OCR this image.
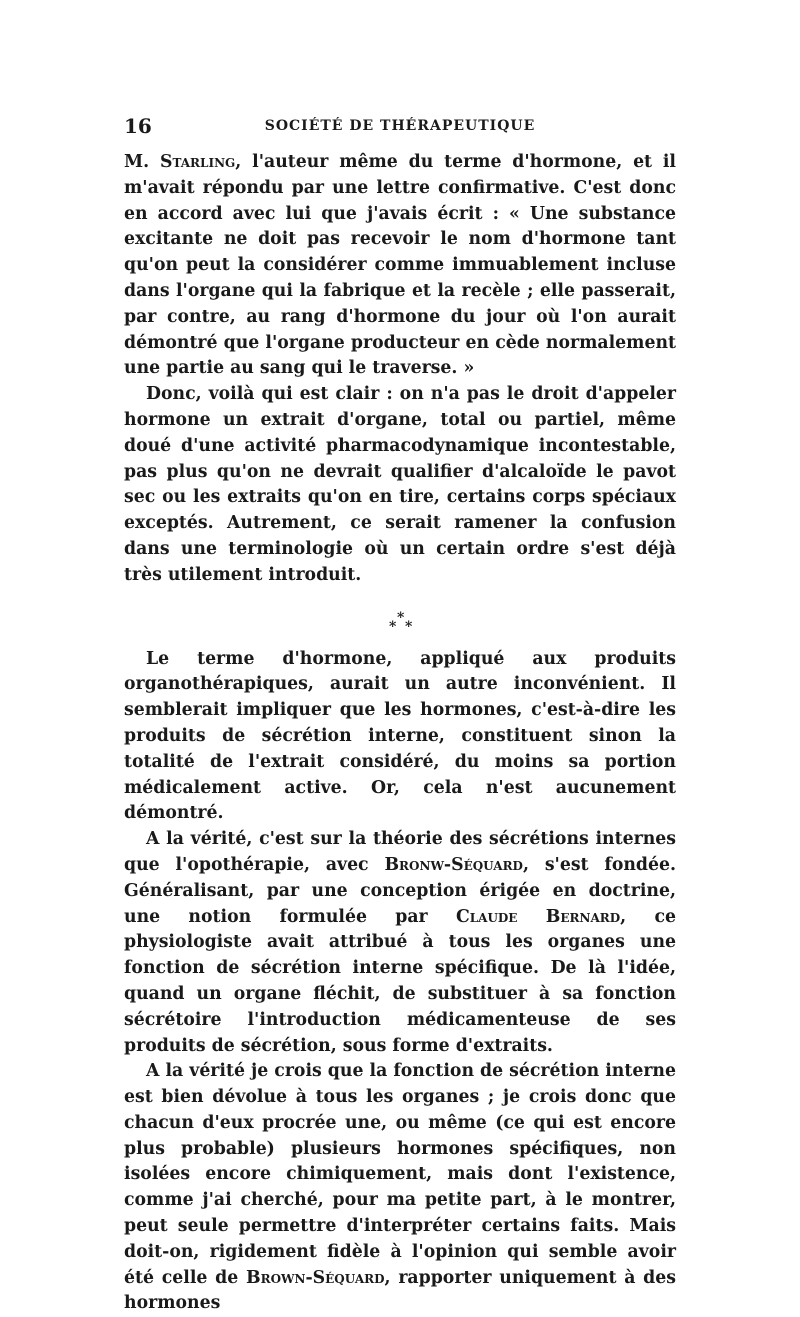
16	SOCIÉTÉ DE THÉRAPEUTIQUE

M. Starling, l'auteur même du terme d'hormone, et il m'avait répondu par une lettre confirmative. C'est donc en accord avec lui que j'avais écrit : « Une substance excitante ne doit pas recevoir le nom d'hormone tant qu'on peut la considérer comme immuablement incluse dans l'organe qui la fabrique et la recèle ; elle passerait, par contre, au rang d'hormone du jour où l'on aurait démontré que l'organe producteur en cède normalement une partie au sang qui le traverse. »

Donc, voilà qui est clair : on n'a pas le droit d'appeler hormone un extrait d'organe, total ou partiel, même doué d'une activité pharmacodynamique incontestable, pas plus qu'on ne devrait qualifier d'alcaloïde le pavot sec ou les extraits qu'on en tire, certains corps spéciaux exceptés. Autrement, ce serait ramener la confusion dans une terminologie où un certain ordre s'est déjà très utilement introduit.

*
* *

Le terme d'hormone, appliqué aux produits organothérapiques, aurait un autre inconvénient. Il semblerait impliquer que les hormones, c'est-à-dire les produits de sécrétion interne, constituent sinon la totalité de l'extrait considéré, du moins sa portion médicalement active. Or, cela n'est aucunement démontré.

A la vérité, c'est sur la théorie des sécrétions internes que l'opothérapie, avec Bronw-Séquard, s'est fondée. Généralisant, par une conception érigée en doctrine, une notion formulée par Claude Bernard, ce physiologiste avait attribué à tous les organes une fonction de sécrétion interne spécifique. De là l'idée, quand un organe fléchit, de substituer à sa fonction sécrétoire l'introduction médicamenteuse de ses produits de sécrétion, sous forme d'extraits.

A la vérité je crois que la fonction de sécrétion interne est bien dévolue à tous les organes ; je crois donc que chacun d'eux procrée une, ou même (ce qui est encore plus probable) plusieurs hormones spécifiques, non isolées encore chimiquement, mais dont l'existence, comme j'ai cherché, pour ma petite part, à le montrer, peut seule permettre d'interpréter certains faits. Mais doit-on, rigidement fidèle à l'opinion qui semble avoir été celle de Brown-Séquard, rapporter uniquement à des hormones
